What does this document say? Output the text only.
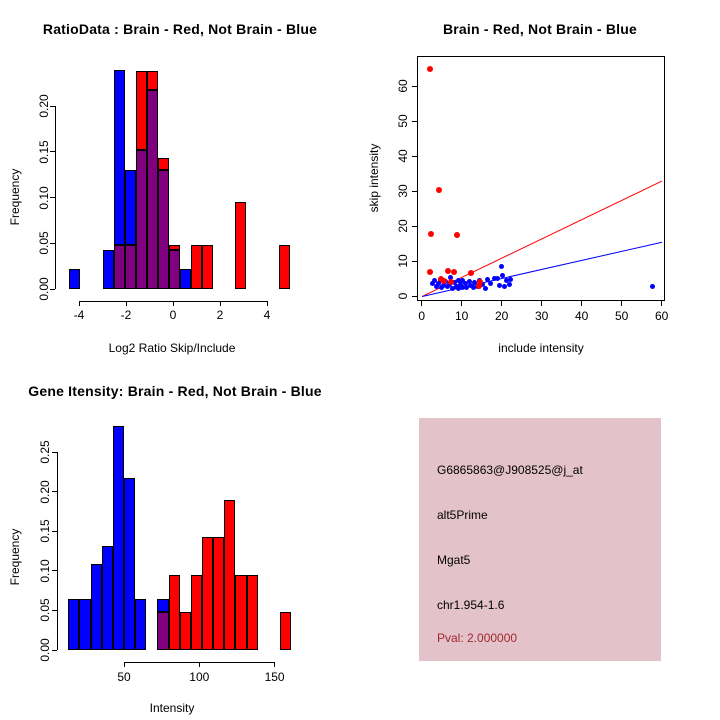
RatioData : Brain - Red, Not Brain - Blue
Log2 Ratio Skip/Include
Frequency
-4	-2	0	2	4
0.00
0.05
0.10
0.15
0.20
Brain - Red, Not Brain - Blue
include intensity
skip intensity
0 10 20 30 40 50 60
0
10
20
30
40
50
60
Gene Itensity: Brain - Red, Not Brain - Blue
Intensity
Frequency
50	100	150
0.00
0.05
0.10
0.15
0.20
0.25
G6865863@J908525@j_at
alt5Prime
Mgat5
chr1.954-1.6
Pval: 2.000000
